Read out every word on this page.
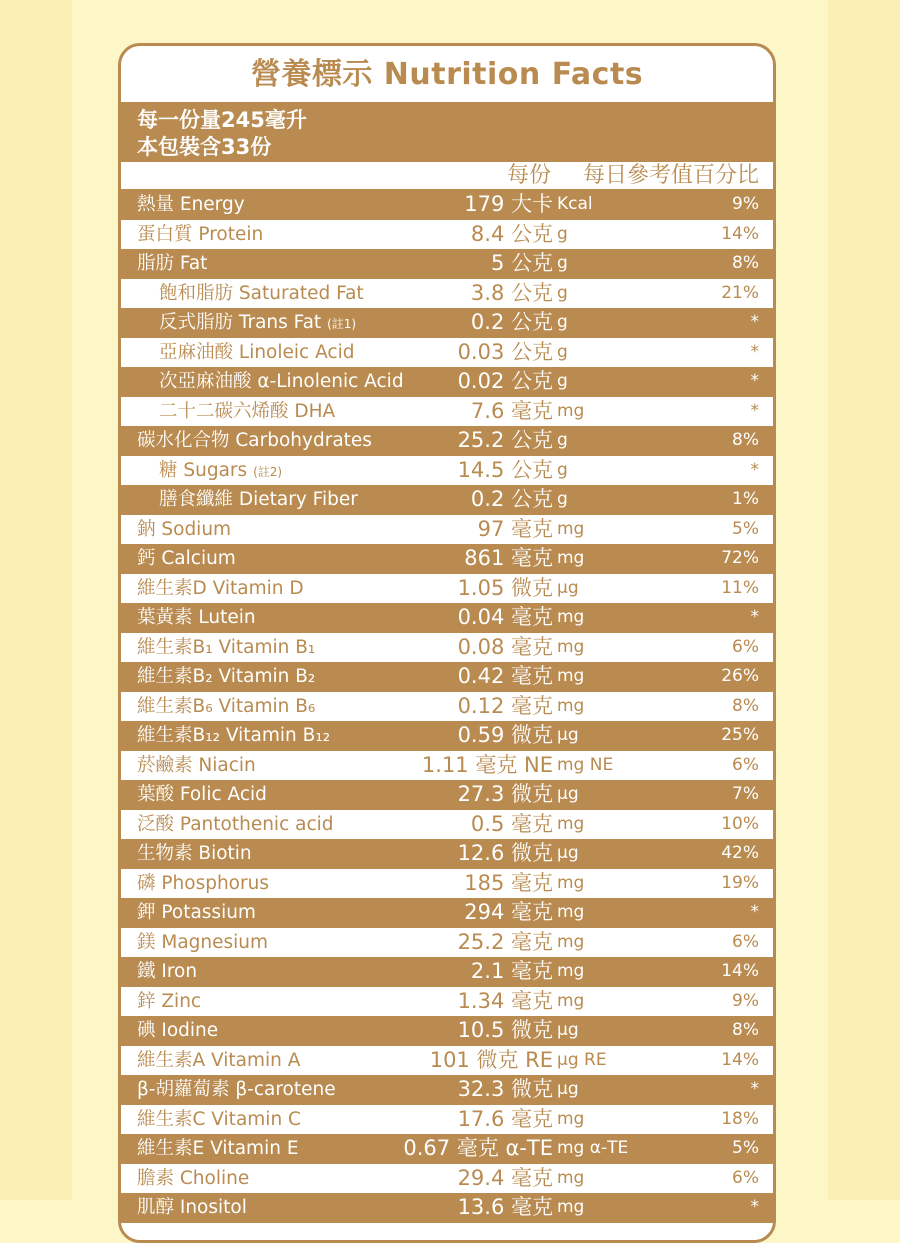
營養標示 Nutrition Facts
每一份量245毫升
本包裝含33份
每份 每日參考值百分比
熱量 Energy	179 大卡 Kcal	9%
蛋白質 Protein	8.4 公克 g	14%
脂肪 Fat	5 公克 g	8%
飽和脂肪 Saturated Fat	3.8 公克 g	21%
反式脂肪 Trans Fat (註1)	0.2 公克 g	*
亞麻油酸 Linoleic Acid	0.03 公克 g	*
次亞麻油酸 α-Linolenic Acid	0.02 公克 g	*
二十二碳六烯酸 DHA	7.6 毫克 mg	*
碳水化合物 Carbohydrates	25.2 公克 g	8%
糖 Sugars (註2)	14.5 公克 g	*
膳食纖維 Dietary Fiber	0.2 公克 g	1%
鈉 Sodium	97 毫克 mg	5%
鈣 Calcium	861 毫克 mg	72%
維生素D Vitamin D	1.05 微克 μg	11%
葉黃素 Lutein	0.04 毫克 mg	*
維生素B₁ Vitamin B₁	0.08 毫克 mg	6%
維生素B₂ Vitamin B₂	0.42 毫克 mg	26%
維生素B₆ Vitamin B₆	0.12 毫克 mg	8%
維生素B₁₂ Vitamin B₁₂	0.59 微克 μg	25%
菸鹼素 Niacin	1.11 毫克 NE mg NE	6%
葉酸 Folic Acid	27.3 微克 μg	7%
泛酸 Pantothenic acid	0.5 毫克 mg	10%
生物素 Biotin	12.6 微克 μg	42%
磷 Phosphorus	185 毫克 mg	19%
鉀 Potassium	294 毫克 mg	*
鎂 Magnesium	25.2 毫克 mg	6%
鐵 Iron	2.1 毫克 mg	14%
鋅 Zinc	1.34 毫克 mg	9%
碘 Iodine	10.5 微克 μg	8%
維生素A Vitamin A	101 微克 RE μg RE	14%
β-胡蘿蔔素 β-carotene	32.3 微克 μg	*
維生素C Vitamin C	17.6 毫克 mg	18%
維生素E Vitamin E	0.67 毫克 α-TE mg α-TE	5%
膽素 Choline	29.4 毫克 mg	6%
肌醇 Inositol	13.6 毫克 mg	*
